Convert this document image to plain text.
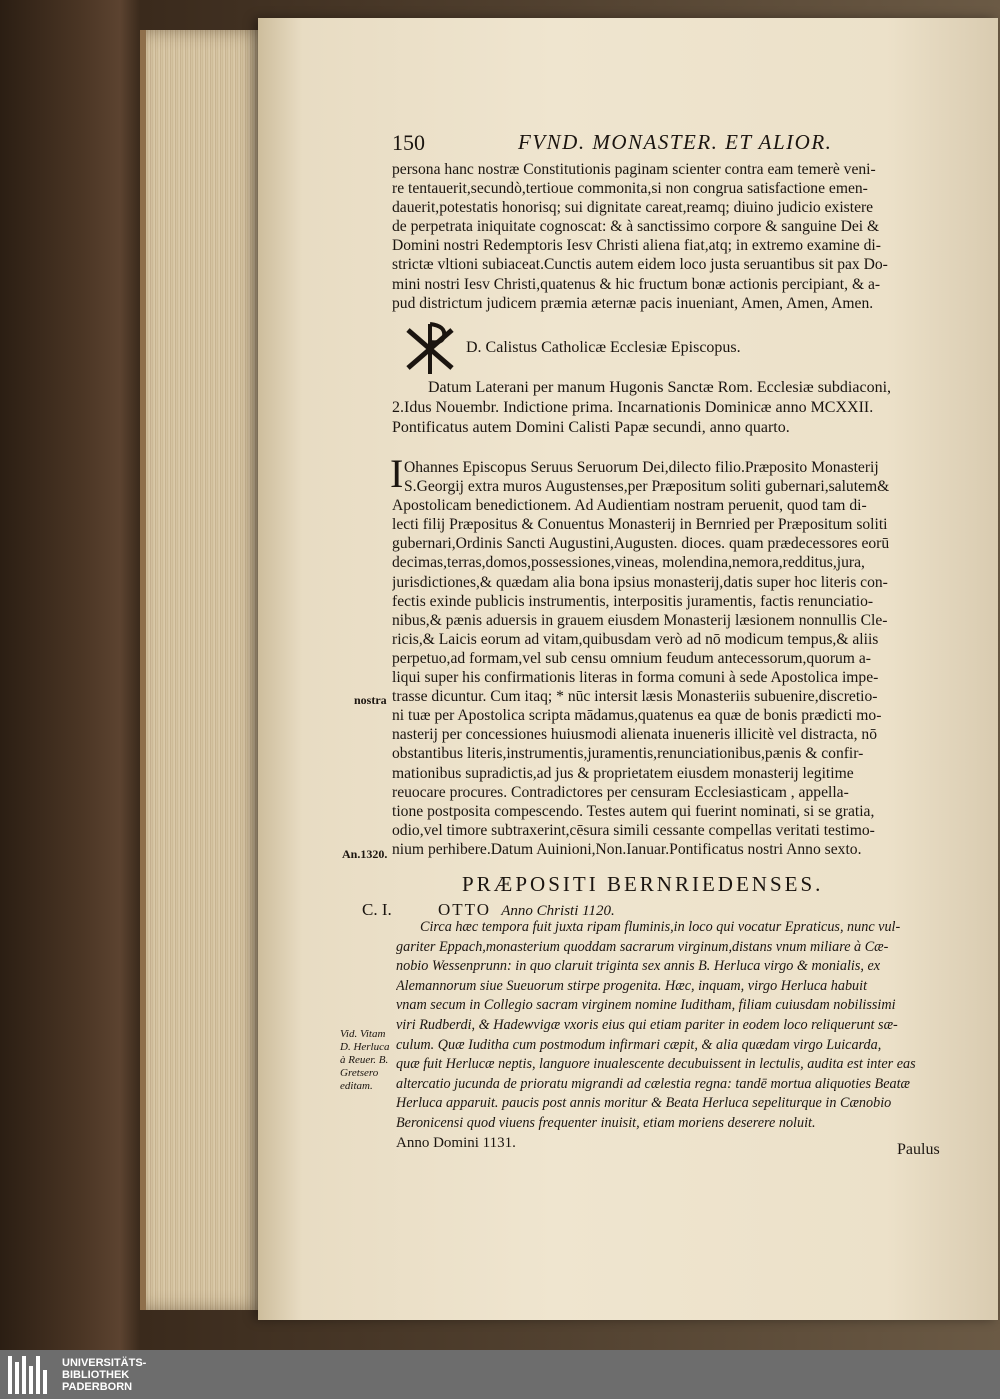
150	FVND. MONASTER. ET ALIOR.
persona hanc nostræ Constitutionis paginam scienter contra eam temerè veni-
re tentauerit,secundò,tertioue commonita,si non congrua satisfactione emen-
dauerit,potestatis honorisq; sui dignitate careat,reamq; diuino judicio existere
de perpetrata iniquitate cognoscat: & à sanctissimo corpore & sanguine Dei &
Domini nostri Redemptoris Iesv Christi aliena fiat,atq; in extremo examine di-
strictæ vltioni subiaceat.Cunctis autem eidem loco justa seruantibus sit pax Do-
mini nostri Iesv Christi,quatenus & hic fructum bonæ actionis percipiant, & a-
pud districtum judicem præmia æternæ pacis inueniant, Amen, Amen, Amen.
D. Calistus Catholicæ Ecclesiæ Episcopus.
Datum Laterani per manum Hugonis Sanctæ Rom. Ecclesiæ subdiaconi,
2.Idus Nouembr. Indictione prima. Incarnationis Dominicæ anno MCXXII.
Pontificatus autem Domini Calisti Papæ secundi, anno quarto.
I Ohannes Episcopus Seruus Seruorum Dei,dilecto filio.Præposito Monasterij
S.Georgij extra muros Augustenses,per Præpositum soliti gubernari,salutem&
Apostolicam benedictionem. Ad Audientiam nostram peruenit, quod tam di-
lecti filij Præpositus & Conuentus Monasterij in Bernried per Præpositum soliti
gubernari,Ordinis Sancti Augustini,Augusten. dioces. quam prædecessores eorū
decimas,terras,domos,possessiones,vineas, molendina,nemora,redditus,jura,
jurisdictiones,& quædam alia bona ipsius monasterij,datis super hoc literis con-
fectis exinde publicis instrumentis, interpositis juramentis, factis renunciatio-
nibus,& pænis aduersis in grauem eiusdem Monasterij læsionem nonnullis Cle-
ricis,& Laicis eorum ad vitam,quibusdam verò ad nō modicum tempus,& aliis
perpetuo,ad formam,vel sub censu omnium feudum antecessorum,quorum a-
liqui super his confirmationis literas in forma comuni à sede Apostolica impe-
trasse dicuntur. Cum itaq; * nūc intersit læsis Monasteriis subuenire,discretio-
ni tuæ per Apostolica scripta mādamus,quatenus ea quæ de bonis prædicti mo-
nasterij per concessiones huiusmodi alienata inueneris illicitè vel distracta, nō
obstantibus literis,instrumentis,juramentis,renunciationibus,pænis & confir-
mationibus supradictis,ad jus & proprietatem eiusdem monasterij legitime
reuocare procures. Contradictores per censuram Ecclesiasticam , appella-
tione postposita compescendo. Testes autem qui fuerint nominati, si se gratia,
odio,vel timore subtraxerint,cēsura simili cessante compellas veritati testimo-
nium perhibere.Datum Auinioni,Non.Ianuar.Pontificatus nostri Anno sexto.
nostra
An.1320.
PRÆPOSITI BERNRIEDENSES.
C. I.	OTTO Anno Christi 1120.
Circa hæc tempora fuit juxta ripam fluminis,in loco qui vocatur Epraticus, nunc vul-
gariter Eppach,monasterium quoddam sacrarum virginum,distans vnum miliare à Cæ-
nobio Wessenprunn: in quo claruit triginta sex annis B. Herluca virgo & monialis, ex
Alemannorum siue Sueuorum stirpe progenita. Hæc, inquam, virgo Herluca habuit
vnam secum in Collegio sacram virginem nomine Iuditham, filiam cuiusdam nobilissimi
viri Rudberdi, & Hadewvigæ vxoris eius qui etiam pariter in eodem loco reliquerunt sæ-
culum. Quæ Iuditha cum postmodum infirmari cæpit, & alia quædam virgo Luicarda,
quæ fuit Herlucæ neptis, languore inualescente decubuissent in lectulis, audita est inter eas
altercatio jucunda de prioratu migrandi ad cælestia regna: tandē mortua aliquoties Beatæ
Herluca apparuit. paucis post annis moritur & Beata Herluca sepeliturque in Cænobio
Beronicensi quod viuens frequenter inuisit, etiam moriens deserere noluit.
Anno Domini 1131.
Vid. Vitam
D. Herluca
à Reuer. B.
Gretsero
editam.
Paulus
UNIVERSITÄTS-
BIBLIOTHEK
PADERBORN
